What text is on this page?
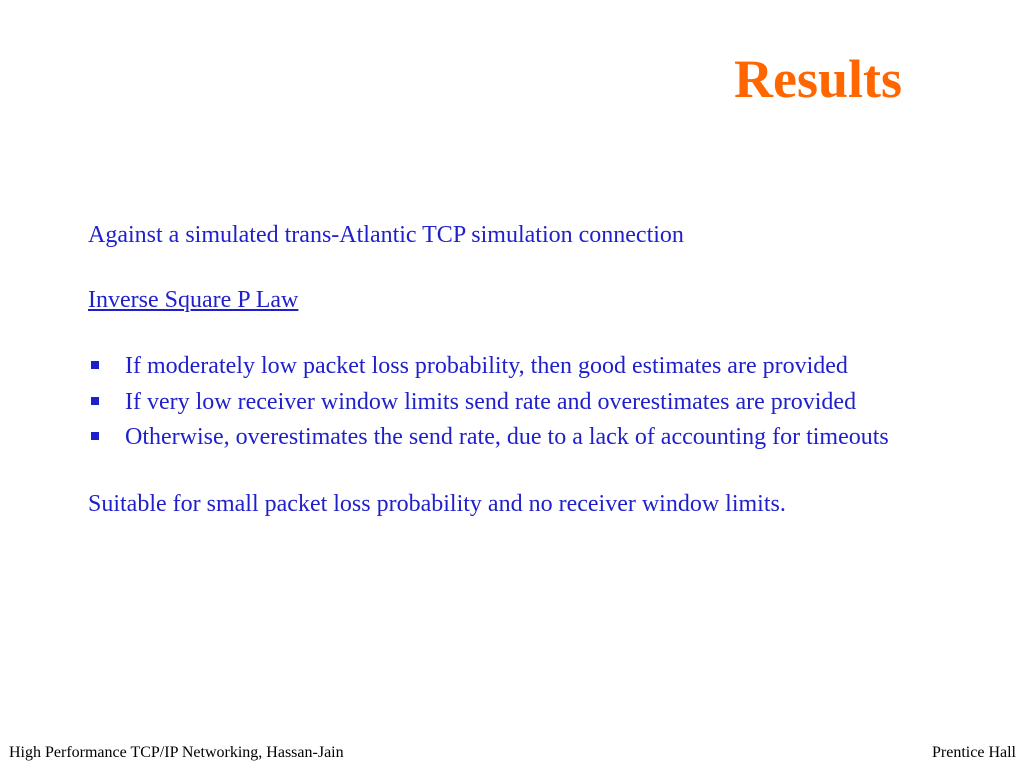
Results

Against a simulated trans-Atlantic TCP simulation connection

Inverse Square P Law

If moderately low packet loss probability, then good estimates are provided
If very low receiver window limits send rate and overestimates are provided
Otherwise, overestimates the send rate, due to a lack of accounting for timeouts

Suitable for small packet loss probability and no receiver window limits.

High Performance TCP/IP Networking, Hassan-Jain	Prentice Hall
